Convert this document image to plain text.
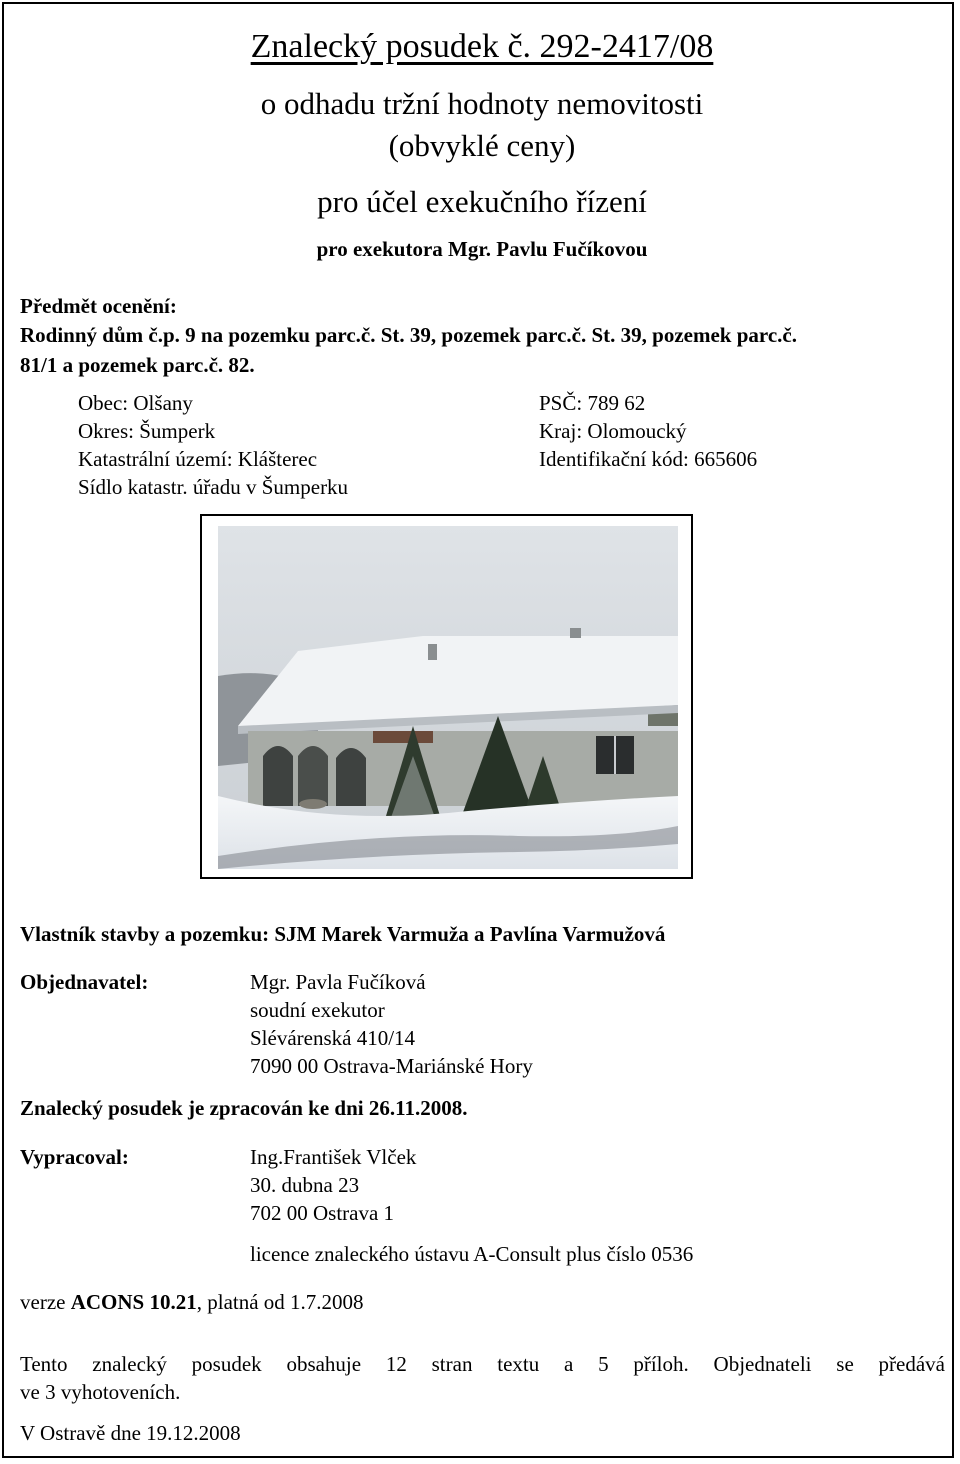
Znalecký posudek č. 292-2417/08
o odhadu tržní hodnoty nemovitosti
(obvyklé ceny)
pro účel exekučního řízení
pro exekutora Mgr. Pavlu Fučíkovou
Předmět ocenění:
Rodinný dům č.p. 9 na pozemku parc.č. St. 39, pozemek parc.č. St. 39, pozemek parc.č.
81/1 a pozemek parc.č. 82.
Obec: Olšany	PSČ: 789 62
Okres: Šumperk	Kraj: Olomoucký
Katastrální území: Klášterec	Identifikační kód: 665606
Sídlo katastr. úřadu v Šumperku
Vlastník stavby a pozemku: SJM Marek Varmuža a Pavlína Varmužová
Objednavatel:	Mgr. Pavla Fučíková
soudní exekutor
Slévárenská 410/14
7090 00 Ostrava-Mariánské Hory
Znalecký posudek je zpracován ke dni 26.11.2008.
Vypracoval:	Ing.František Vlček
30. dubna 23
702 00 Ostrava 1
licence znaleckého ústavu A-Consult plus číslo 0536
verze ACONS 10.21, platná od 1.7.2008
Tento znalecký posudek obsahuje 12 stran textu a 5 příloh. Objednateli se předává
ve 3 vyhotoveních.
V Ostravě dne 19.12.2008
